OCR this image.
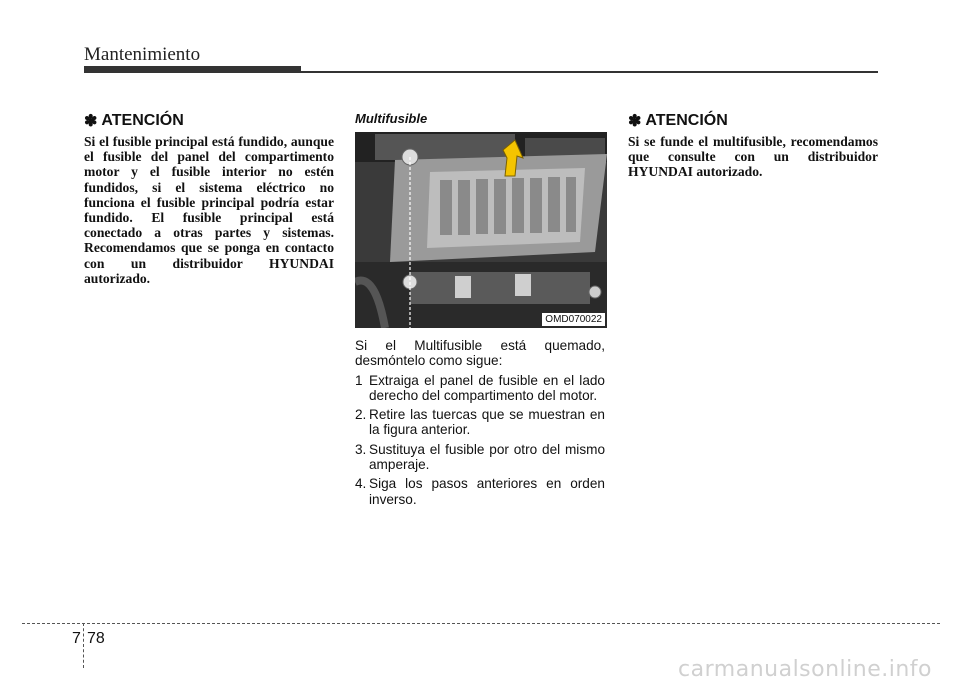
Mantenimiento
✽ ATENCIÓN

Si el fusible principal está fundido, aunque el fusible del panel del compartimento motor y el fusible interior no estén fundidos, si el sistema eléctrico no funciona el fusible principal podría estar fundido. El fusible principal está conectado a otras partes y sistemas. Recomendamos que se ponga en contacto con un distribuidor HYUNDAI autorizado.

Multifusible
OMD070022

Si el Multifusible está quemado, desmóntelo como sigue:

1 Extraiga el panel de fusible en el lado derecho del compartimento del motor.
2. Retire las tuercas que se muestran en la figura anterior.
3. Sustituya el fusible por otro del mismo amperaje.
4. Siga los pasos anteriores en orden inverso.
✽ ATENCIÓN

Si se funde el multifusible, recomendamos que consulte con un distribuidor HYUNDAI autorizado.

7 78
carmanualsonline.info
